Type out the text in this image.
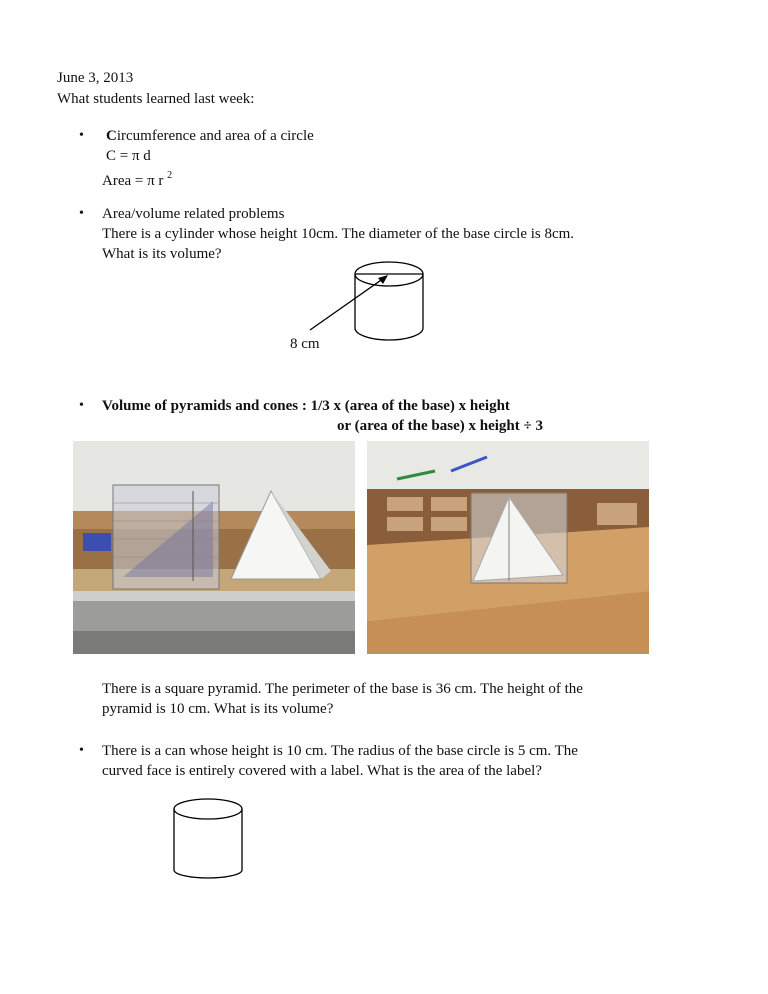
June 3, 2013
What students learned last week:
• Circumference and area of a circle
C = π d
Area = π r $^2$
• Area/volume related problems
There is a cylinder whose height 10cm. The diameter of the base circle is 8cm.
What is its volume?
8 cm
• Volume of pyramids and cones : 1/3 x (area of the base) x height
or (area of the base) x height ÷ 3
There is a square pyramid. The perimeter of the base is 36 cm. The height of the
pyramid is 10 cm. What is its volume?
• There is a can whose height is 10 cm. The radius of the base circle is 5 cm. The
curved face is entirely covered with a label. What is the area of the label?
